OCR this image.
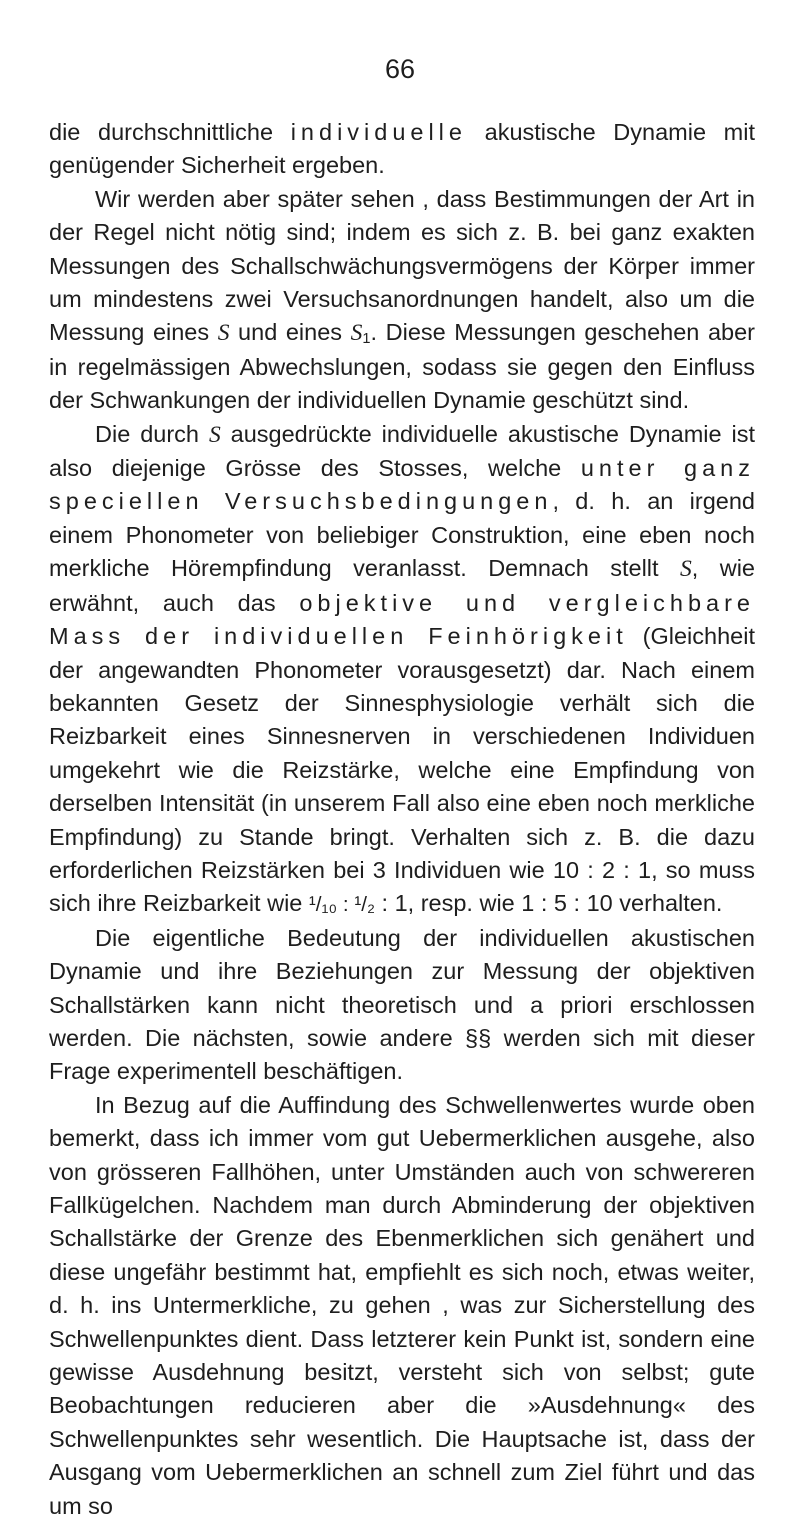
66

die durchschnittliche individuelle akustische Dynamie mit genügender Sicherheit ergeben.

Wir werden aber später sehen , dass Bestimmungen der Art in der Regel nicht nötig sind; indem es sich z. B. bei ganz exakten Messungen des Schallschwächungsvermögens der Körper immer um mindestens zwei Versuchsanordnungen handelt, also um die Messung eines S und eines $S_1$. Diese Messungen geschehen aber in regelmässigen Abwechslungen, sodass sie gegen den Einfluss der Schwankungen der individuellen Dynamie geschützt sind.

Die durch S ausgedrückte individuelle akustische Dynamie ist also diejenige Grösse des Stosses, welche unter ganz speciellen Versuchsbedingungen, d. h. an irgend einem Phonometer von beliebiger Construktion, eine eben noch merkliche Hörempfindung veranlasst. Demnach stellt S, wie erwähnt, auch das objektive und vergleichbare Mass der individuellen Feinhörigkeit (Gleichheit der angewandten Phonometer vorausgesetzt) dar. Nach einem bekannten Gesetz der Sinnesphysiologie verhält sich die Reizbarkeit eines Sinnesnerven in verschiedenen Individuen umgekehrt wie die Reizstärke, welche eine Empfindung von derselben Intensität (in unserem Fall also eine eben noch merkliche Empfindung) zu Stande bringt. Verhalten sich z. B. die dazu erforderlichen Reizstärken bei 3 Individuen wie 10 : 2 : 1, so muss sich ihre Reizbarkeit wie ¹/₁₀ : ¹/₂ : 1, resp. wie 1 : 5 : 10 verhalten.

Die eigentliche Bedeutung der individuellen akustischen Dynamie und ihre Beziehungen zur Messung der objektiven Schallstärken kann nicht theoretisch und a priori erschlossen werden. Die nächsten, sowie andere §§ werden sich mit dieser Frage experimentell beschäftigen.

In Bezug auf die Auffindung des Schwellenwertes wurde oben bemerkt, dass ich immer vom gut Uebermerklichen ausgehe, also von grösseren Fallhöhen, unter Umständen auch von schwereren Fallkügelchen. Nachdem man durch Abminderung der objektiven Schallstärke der Grenze des Ebenmerklichen sich genähert und diese ungefähr bestimmt hat, empfiehlt es sich noch, etwas weiter, d. h. ins Untermerkliche, zu gehen , was zur Sicherstellung des Schwellenpunktes dient. Dass letzterer kein Punkt ist, sondern eine gewisse Ausdehnung besitzt, versteht sich von selbst; gute Beobachtungen reducieren aber die »Ausdehnung« des Schwellenpunktes sehr wesentlich. Die Hauptsache ist, dass der Ausgang vom Uebermerklichen an schnell zum Ziel führt und das um so
